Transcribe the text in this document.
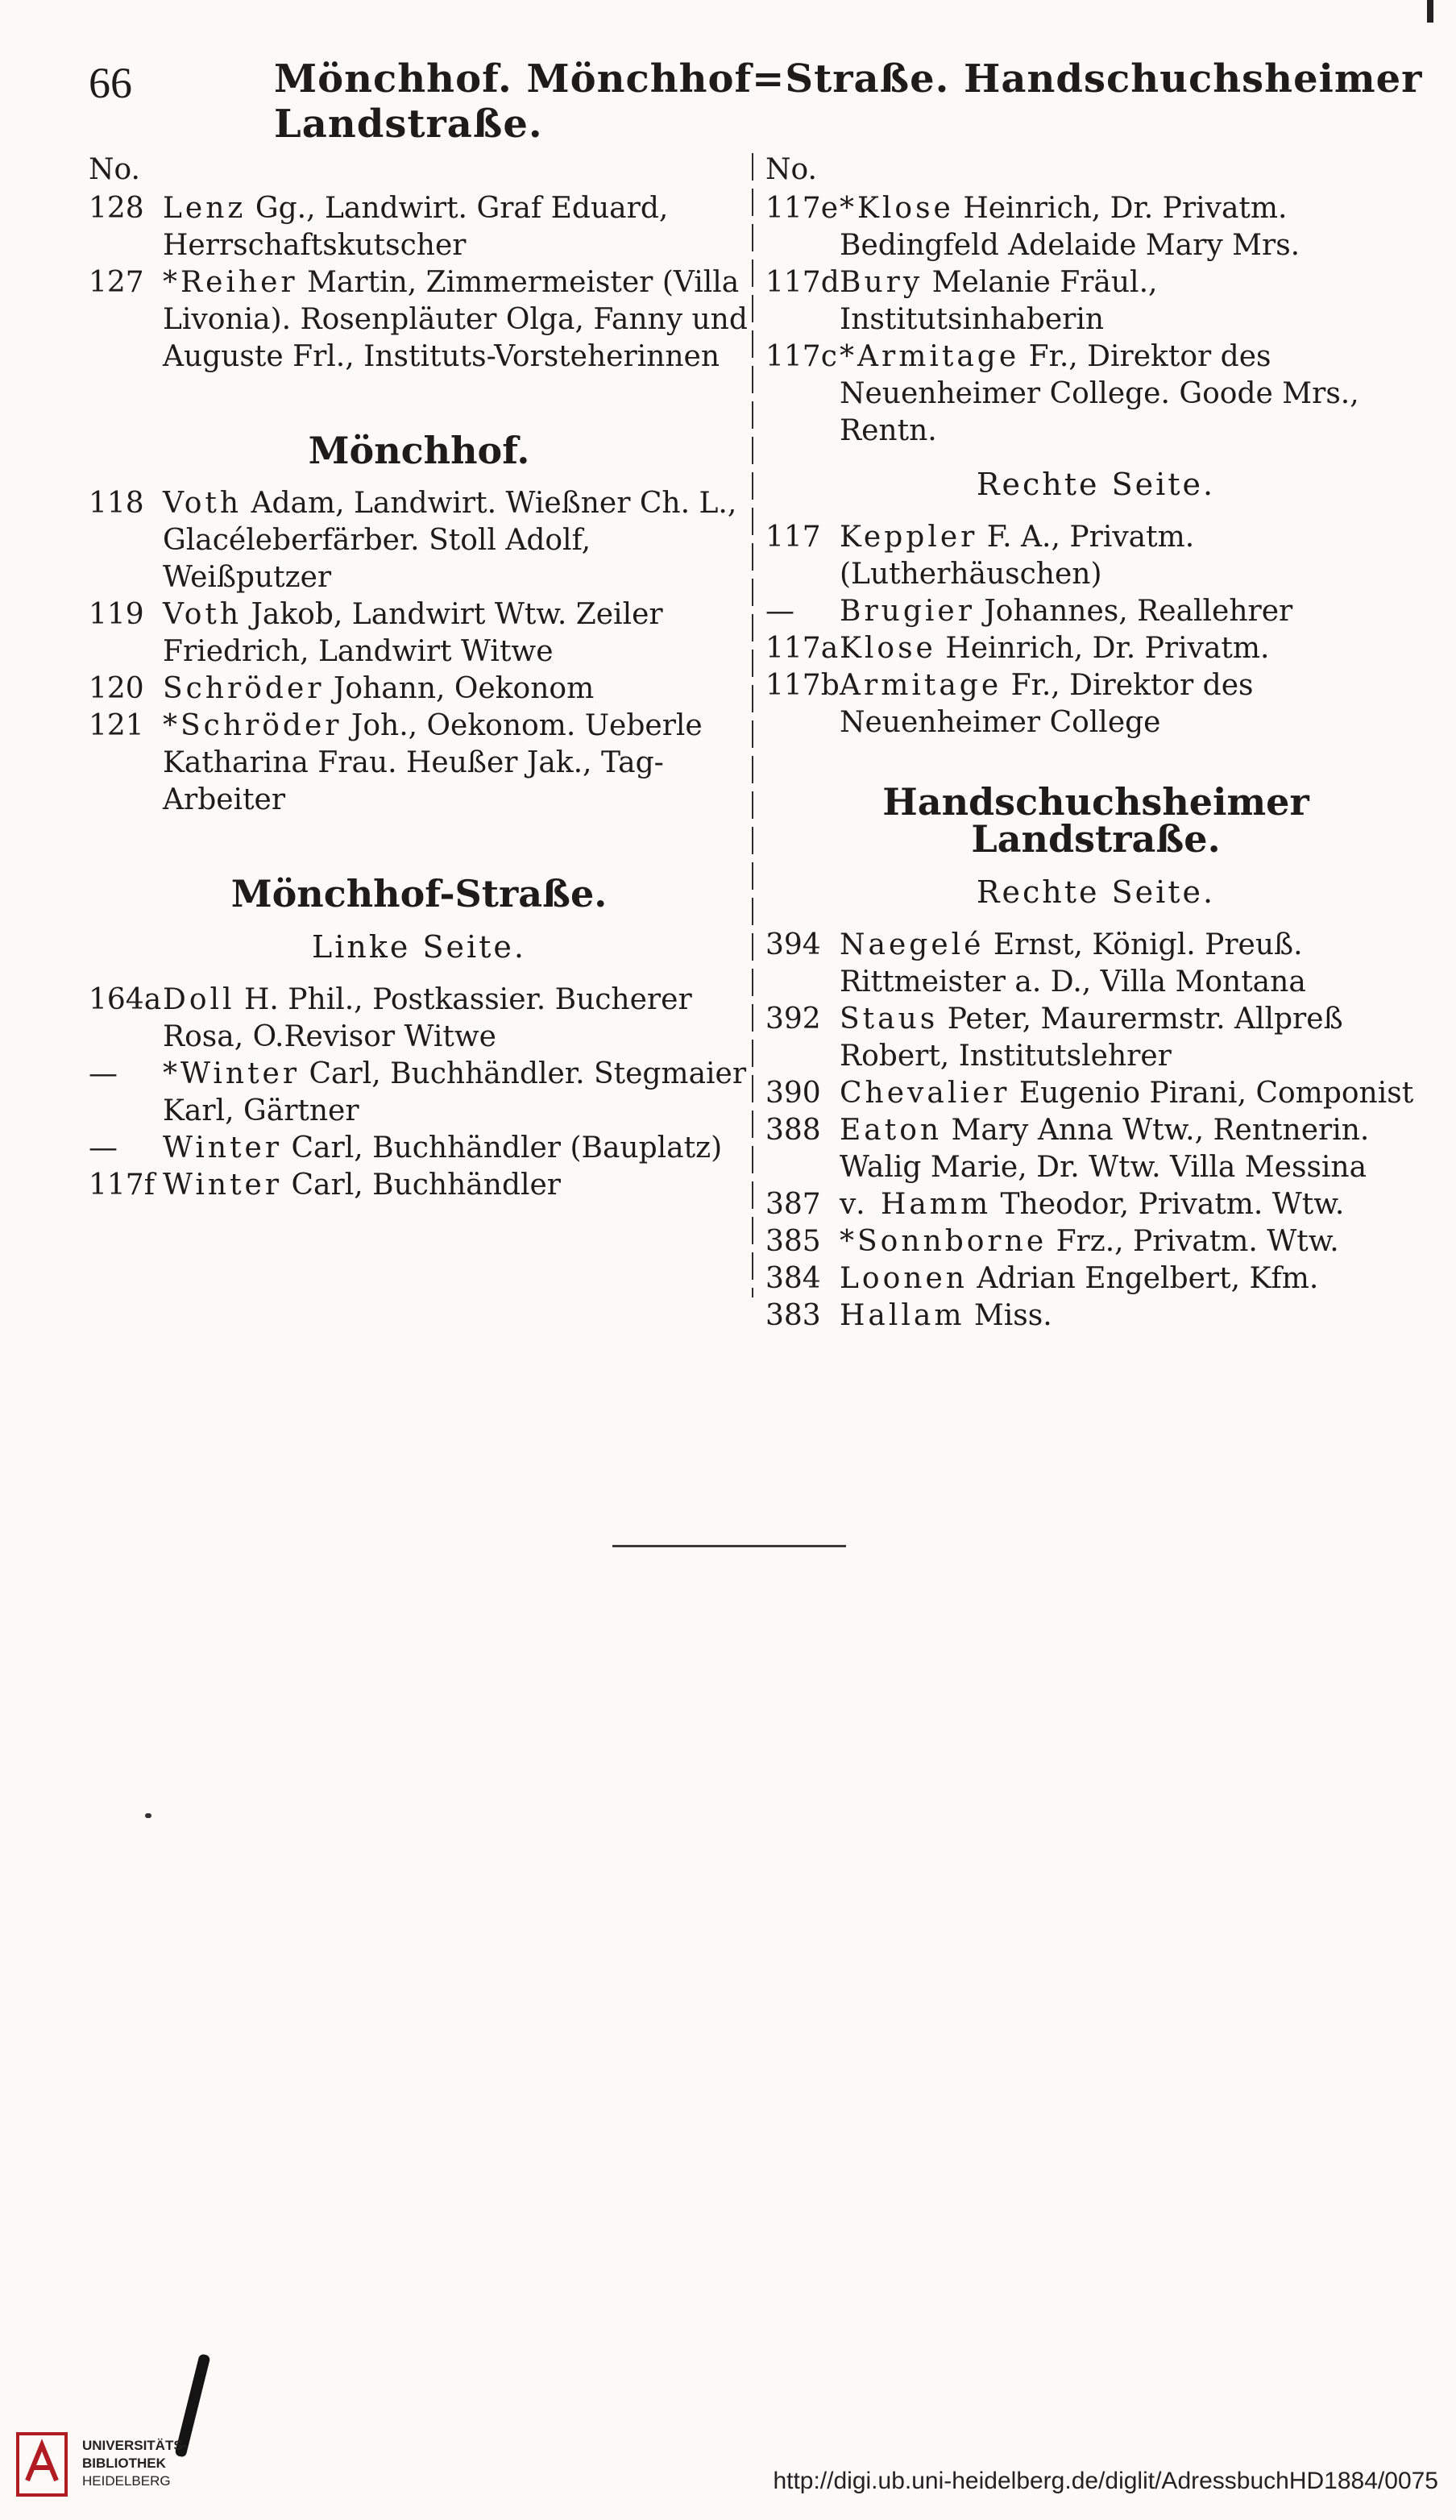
66	Mönchhof. Mönchhof=Straße. Handschuchsheimer Landstraße.
No.
128 Lenz Gg., Landwirt. Graf Eduard, Herrschaftskutscher
127 *Reiher Martin, Zimmermeister (Villa Livonia). Rosenpläuter Olga, Fanny und Auguste Frl., Instituts-Vorsteherinnen
Mönchhof.
118 Voth Adam, Landwirt. Wießner Ch. L., Glacéleberfärber. Stoll Adolf, Weißputzer
119 Voth Jakob, Landwirt Wtw. Zeiler Friedrich, Landwirt Witwe
120 Schröder Johann, Oekonom
121 *Schröder Joh., Oekonom. Ueberle Katharina Frau. Heußer Jak., Tag-Arbeiter
Mönchhof-Straße.
Linke Seite.
164a Doll H. Phil., Postkassier. Bucherer Rosa, O.Revisor Witwe
—	*Winter Carl, Buchhändler. Stegmaier Karl, Gärtner
—	Winter Carl, Buchhändler (Bauplatz)
117f Winter Carl, Buchhändler
No.
117e *Klose Heinrich, Dr. Privatm. Bedingfeld Adelaide Mary Mrs.
117d Bury Melanie Fräul., Institutsinhaberin
117c *Armitage Fr., Direktor des Neuenheimer College. Goode Mrs., Rentn.
Rechte Seite.
117 Keppler F. A., Privatm. (Lutherhäuschen)
—	Brugier Johannes, Reallehrer
117a Klose Heinrich, Dr. Privatm.
117b Armitage Fr., Direktor des Neuenheimer College
Handschuchsheimer Landstraße.
Rechte Seite.
394 Naegelé Ernst, Königl. Preuß. Rittmeister a. D., Villa Montana
392 Staus Peter, Maurermstr. Allpreß Robert, Institutslehrer
390 Chevalier Eugenio Pirani, Componist
388 Eaton Mary Anna Wtw., Rentnerin. Walig Marie, Dr. Wtw. Villa Messina
387 v. Hamm Theodor, Privatm. Wtw.
385 *Sonnborne Frz., Privatm. Wtw.
384 Loonen Adrian Engelbert, Kfm.
383 Hallam Miss.
UNIVERSITÄTS-
BIBLIOTHEK
HEIDELBERG	http://digi.ub.uni-heidelberg.de/diglit/AdressbuchHD1884/0075
